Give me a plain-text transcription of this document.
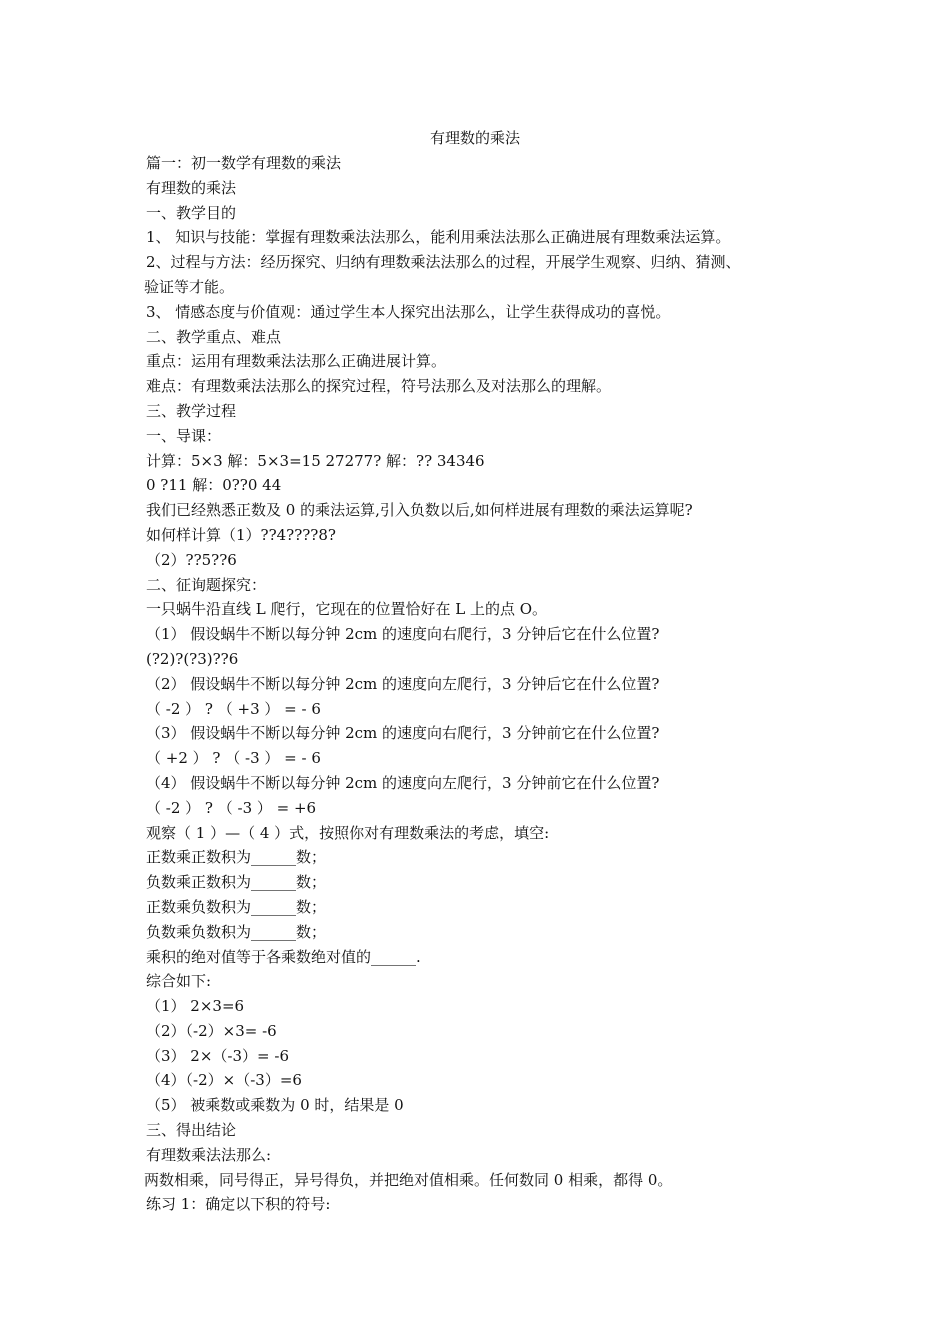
有理数的乘法
篇一：初一数学有理数的乘法
有理数的乘法
一、教学目的
1、 知识与技能：掌握有理数乘法法那么，能利用乘法法那么正确进展有理数乘法运算。
2、过程与方法：经历探究、归纳有理数乘法法那么的过程，开展学生观察、归纳、猜测、
验证等才能。
3、 情感态度与价值观：通过学生本人探究出法那么，让学生获得成功的喜悦。
二、教学重点、难点
重点：运用有理数乘法法那么正确进展计算。
难点：有理数乘法法那么的探究过程，符号法那么及对法那么的理解。
三、教学过程
一、导课：
计算：5×3 解：5×3=15 27277? 解：?? 34346
0 ?11 解：0??0 44
我们已经熟悉正数及 0 的乘法运算,引入负数以后,如何样进展有理数的乘法运算呢?
如何样计算（1）??4????8?
（2）??5??6
二、征询题探究：
一只蜗牛沿直线 L 爬行，它现在的位置恰好在 L 上的点 O。
（1） 假设蜗牛不断以每分钟 2cm 的速度向右爬行，3 分钟后它在什么位置?
(?2)?(?3)??6
（2） 假设蜗牛不断以每分钟 2cm 的速度向左爬行，3 分钟后它在什么位置?
（ -2 ） ? （ +3 ） = - 6
（3） 假设蜗牛不断以每分钟 2cm 的速度向右爬行，3 分钟前它在什么位置?
（ +2 ） ? （ -3 ） = - 6
（4） 假设蜗牛不断以每分钟 2cm 的速度向左爬行，3 分钟前它在什么位置?
（ -2 ） ? （ -3 ） = +6
观察（ 1 ）—（ 4 ）式，按照你对有理数乘法的考虑，填空:
正数乘正数积为______数；
负数乘正数积为______数；
正数乘负数积为______数；
负数乘负数积为______数；
乘积的绝对值等于各乘数绝对值的______.
综合如下:
（1） 2×3=6
（2）（-2）×3= -6
（3） 2×（-3）= -6
（4）（-2）×（-3）=6
（5） 被乘数或乘数为 0 时，结果是 0
三、得出结论
有理数乘法法那么:
两数相乘，同号得正，异号得负，并把绝对值相乘。任何数同 0 相乘，都得 0。
练习 1：确定以下积的符号:
